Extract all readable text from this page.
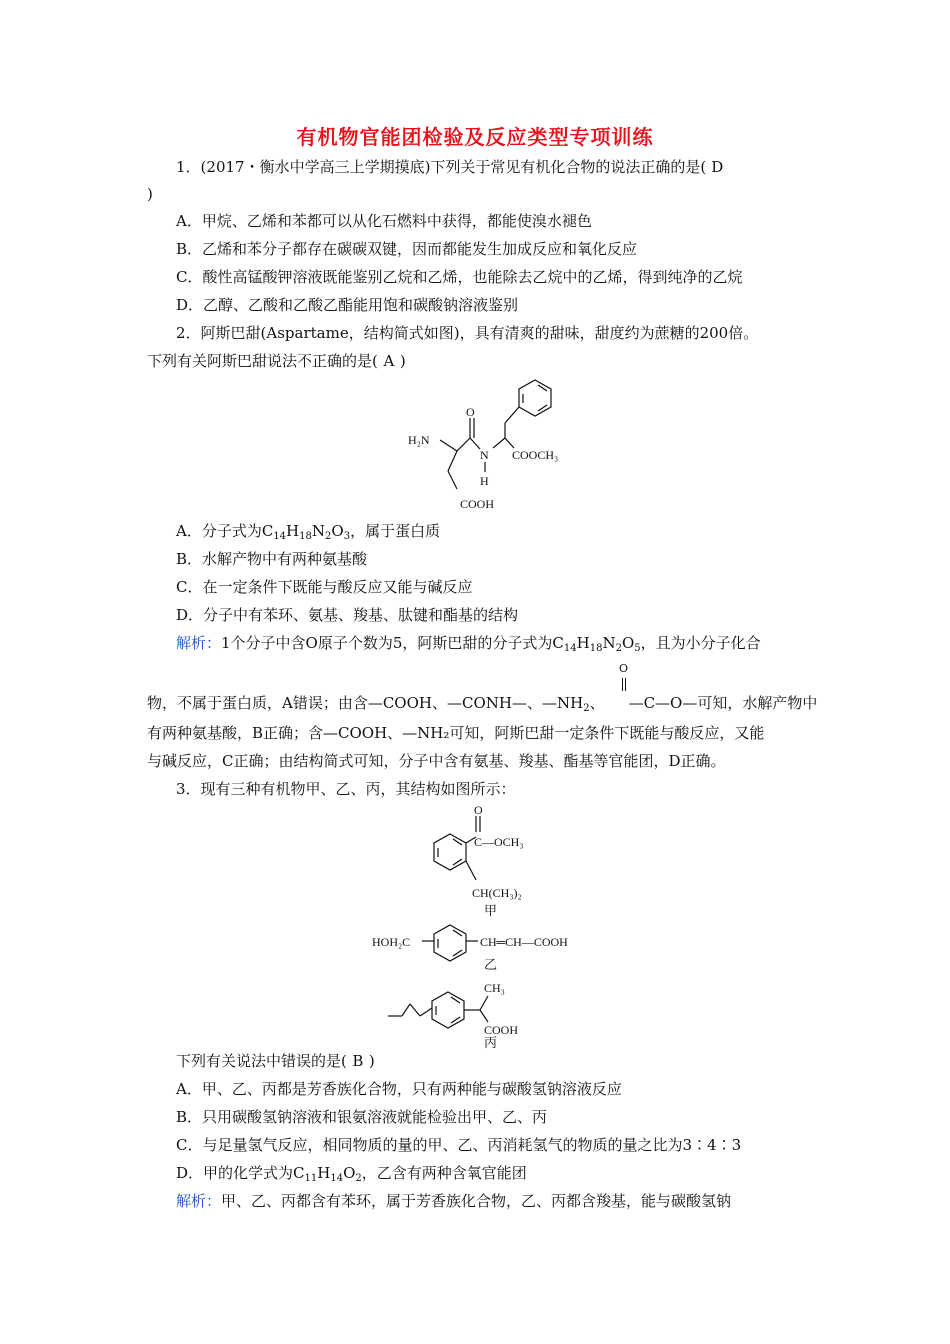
有机物官能团检验及反应类型专项训练
1．(2017・衡水中学高三上学期摸底)下列关于常见有机化合物的说法正确的是( D
)
A．甲烷、乙烯和苯都可以从化石燃料中获得，都能使溴水褪色
B．乙烯和苯分子都存在碳碳双键，因而都能发生加成反应和氧化反应
C．酸性高锰酸钾溶液既能鉴别乙烷和乙烯，也能除去乙烷中的乙烯，得到纯净的乙烷
D．乙醇、乙酸和乙酸乙酯能用饱和碳酸钠溶液鉴别
2．阿斯巴甜(Aspartame，结构简式如图)，具有清爽的甜味，甜度约为蔗糖的200倍。
下列有关阿斯巴甜说法不正确的是( A )
H₂N
O
N
H
COOCH₃
COOH
A．分子式为$C_{14}H_{18}N_2O_3$，属于蛋白质
B．水解产物中有两种氨基酸
C．在一定条件下既能与酸反应又能与碱反应
D．分子中有苯环、氨基、羧基、肽键和酯基的结构
解析：1个分子中含O原子个数为5，阿斯巴甜的分子式为$C_{14}H_{18}N_2O_5$，且为小分子化合
O
物，不属于蛋白质，A错误；由含—COOH、—CONH—、$—NH_2$、 —C—O—可知，水解产物中
有两种氨基酸，B正确；含—COOH、—NH₂可知，阿斯巴甜一定条件下既能与酸反应，又能
与碱反应，C正确；由结构简式可知，分子中含有氨基、羧基、酯基等官能团，D正确。
3．现有三种有机物甲、乙、丙，其结构如图所示：
O
C—OCH₃
CH(CH₃)₂
甲
HOH₂C	CH═CH—COOH
乙
CH₃
COOH
丙
下列有关说法中错误的是( B )
A．甲、乙、丙都是芳香族化合物，只有两种能与碳酸氢钠溶液反应
B．只用碳酸氢钠溶液和银氨溶液就能检验出甲、乙、丙
C．与足量氢气反应，相同物质的量的甲、乙、丙消耗氢气的物质的量之比为3∶4∶3
D．甲的化学式为$C_{11}H_{14}O_2$，乙含有两种含氧官能团
解析：甲、乙、丙都含有苯环，属于芳香族化合物，乙、丙都含羧基，能与碳酸氢钠
